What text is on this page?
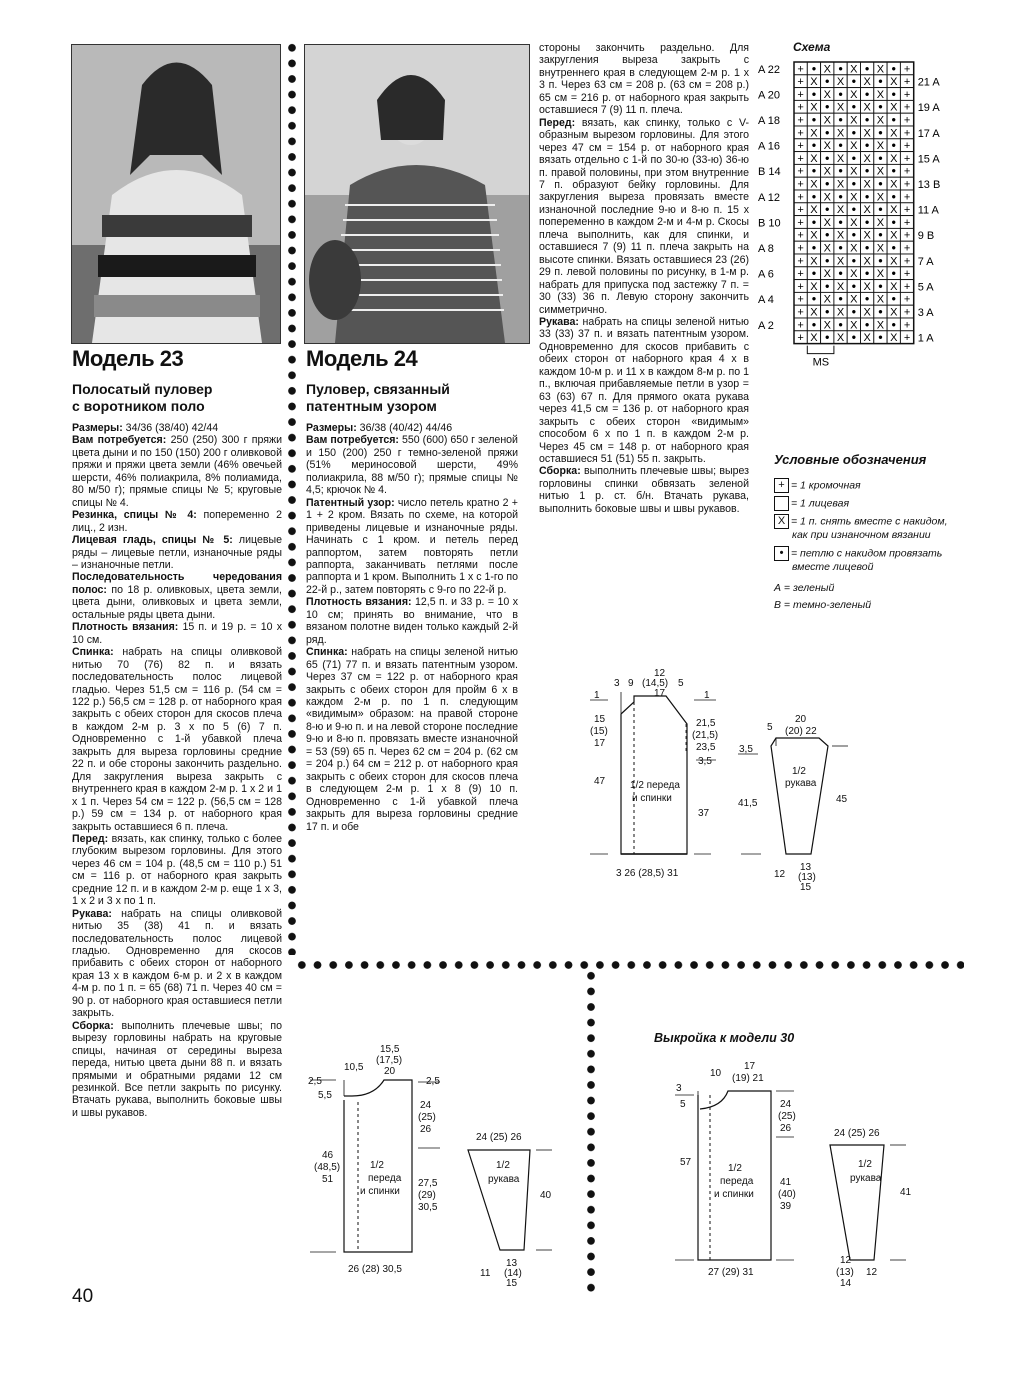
Модель 23
Полосатый пуловер
с воротником поло

Размеры: 34/36 (38/40) 42/44

Вам потребуется: 250 (250) 300 г пряжи цвета дыни и по 150 (150) 200 г оливковой пряжи и пряжи цвета земли (46% овечьей шерсти, 46% полиакрила, 8% полиамида, 80 м/50 г); прямые спицы № 5; круговые спицы № 4.

Резинка, спицы № 4: попеременно 2 лиц., 2 изн.

Лицевая гладь, спицы № 5: лицевые ряды – лицевые петли, изнаночные ряды – изнаночные петли.

Последовательность чередования полос: по 18 р. оливковых, цвета земли, цвета дыни, оливковых и цвета земли, остальные ряды цвета дыни.

Плотность вязания: 15 п. и 19 р. = 10 х 10 см.

Спинка: набрать на спицы оливковой нитью 70 (76) 82 п. и вязать последовательность полос лицевой гладью. Через 51,5 см = 116 р. (54 см = 122 р.) 56,5 см = 128 р. от наборного края закрыть с обеих сторон для скосов плеча в каждом 2-м р. 3 х по 5 (6) 7 п. Одновременно с 1-й убавкой плеча закрыть для выреза горловины средние 22 п. и обе стороны закончить раздельно. Для закругления выреза закрыть с внутреннего края в каждом 2-м р. 1 х 2 и 1 х 1 п. Через 54 см = 122 р. (56,5 см = 128 р.) 59 см = 134 р. от наборного края закрыть оставшиеся 6 п. плеча.

Перед: вязать, как спинку, только с более глубоким вырезом горловины. Для этого через 46 см = 104 р. (48,5 см = 110 р.) 51 см = 116 р. от наборного края закрыть средние 12 п. и в каждом 2-м р. еще 1 х 3, 1 х 2 и 3 х по 1 п.

Рукава: набрать на спицы оливковой нитью 35 (38) 41 п. и вязать последовательность полос лицевой гладью. Одновременно для скосов прибавить с обеих сторон от наборного края 13 х в каждом 6-м р. и 2 х в каждом 4-м р. по 1 п. = 65 (68) 71 п. Через 40 см = 90 р. от наборного края оставшиеся петли закрыть.

Сборка: выполнить плечевые швы; по вырезу горловины набрать на круговые спицы, начиная от середины выреза переда, нитью цвета дыни 88 п. и вязать прямыми и обратными рядами 12 см резинкой. Все петли закрыть по рисунку. Втачать рукава, выполнить боковые швы и швы рукавов.

Модель 24
Пуловер, связанный
патентным узором

Размеры: 36/38 (40/42) 44/46

Вам потребуется: 550 (600) 650 г зеленой и 150 (200) 250 г темно-зеленой пряжи (51% мериносовой шерсти, 49% полиакрила, 88 м/50 г); прямые спицы № 4,5; крючок № 4.

Патентный узор: число петель кратно 2 + 1 + 2 кром. Вязать по схеме, на которой приведены лицевые и изнаночные ряды. Начинать с 1 кром. и петель перед раппортом, затем повторять петли раппорта, заканчивать петлями после раппорта и 1 кром. Выполнить 1 х с 1-го по 22-й р., затем повторять с 9-го по 22-й р.

Плотность вязания: 12,5 п. и 33 р. = 10 х 10 см; принять во внимание, что в вязаном полотне виден только каждый 2-й ряд.

Спинка: набрать на спицы зеленой нитью 65 (71) 77 п. и вязать патентным узором. Через 37 см = 122 р. от наборного края закрыть с обеих сторон для пройм 6 х в каждом 2-м р. по 1 п. следующим «видимым» образом: на правой стороне 8-ю и 9-ю п. и на левой стороне последние 9-ю и 8-ю п. провязать вместе изнаночной = 53 (59) 65 п. Через 62 см = 204 р. (62 см = 204 р.) 64 см = 212 р. от наборного края закрыть с обеих сторон для скосов плеча в следующем 2-м р. 1 х 8 (9) 10 п. Одновременно с 1-й убавкой плеча закрыть для выреза горловины средние 17 п. и обе

стороны закончить раздельно. Для закругления выреза закрыть с внутреннего края в следующем 2-м р. 1 х 3 п. Через 63 см = 208 р. (63 см = 208 р.) 65 см = 216 р. от наборного края закрыть оставшиеся 7 (9) 11 п. плеча.

Перед: вязать, как спинку, только с V-образным вырезом горловины. Для этого через 47 см = 154 р. от наборного края вязать отдельно с 1-й по 30-ю (33-ю) 36-ю п. правой половины, при этом внутренние 7 п. образуют бейку горловины. Для закругления выреза провязать вместе изнаночной последние 9-ю и 8-ю п. 15 х попеременно в каждом 2-м и 4-м р. Скосы плеча выполнить, как для спинки, и оставшиеся 7 (9) 11 п. плеча закрыть на высоте спинки. Вязать оставшиеся 23 (26) 29 п. левой половины по рисунку, в 1-м р. набрать для припуска под застежку 7 п. = 30 (33) 36 п. Левую сторону закончить симметрично.

Рукава: набрать на спицы зеленой нитью 33 (33) 37 п. и вязать патентным узором. Одновременно для скосов прибавить с обеих сторон от наборного края 4 х в каждом 10-м р. и 11 х в каждом 8-м р. по 1 п., включая прибавляемые петли в узор = 63 (63) 67 п. Для прямого оката рукава через 41,5 см = 136 р. от наборного края закрыть с обеих сторон «видимым» способом 6 х по 1 п. в каждом 2-м р. Через 45 см = 148 р. от наборного края оставшиеся 51 (51) 55 п. закрыть.

Сборка: выполнить плечевые швы; вырез горловины спинки обвязать зеленой нитью 1 р. ст. б/н. Втачать рукава, выполнить боковые швы и швы рукавов.

Схема
+ • X • X • X • +
+ X • X • X • X +
+ • X • X • X • +
+ X • X • X • X +
+ • X • X • X • +
+ X • X • X • X +
+ • X • X • X • +
+ X • X • X • X +
+ • X • X • X • +
+ X • X • X • X +
+ • X • X • X • +
+ X • X • X • X +
+ • X • X • X • +
+ X • X • X • X +
+ • X • X • X • +
+ X • X • X • X +
+ • X • X • X • +
+ X • X • X • X +
+ • X • X • X • +
+ X • X • X • X +
+ • X • X • X • +
+ X • X • X • X +
A 22
A 20
A 18
A 16
B 14
A 12
B 10
A 8
A 6
A 4
A 2
21 A
19 A
17 A
15 A
13 B
11 A
9 B
7 A
5 A
3 A
1 A
MS
Условные обозначения
+ = 1 кромочная
= 1 лицевая
X = 1 п. снять вместе с накидом,
как при изнаночном вязании
• = петлю с накидом провязать
вместе лицевой
А = зеленый
В = темно-зеленый
3 9
12
(14,5)
17
5
1
15
(15)
17
47 1/2 переда
и спинки
1
21,5
(21,5)
23,5
3,5
37
3 26 (28,5) 31
5
20
(20) 22
3,5
41,5	45
1/2
рукава
12
13
(13)
15
15,5
(17,5)
10,5 20
2,5
5,5
2,5
24
(25)
26
46
(48,5)
51
1/2
переда
и спинки
27,5
(29)
30,5
26 (28) 30,5
24 (25) 26
40
1/2
рукава
11
13
(14)
15
Выкройка к модели 30
10
17
(19) 21
3
5	24
(25)
26
57
1/2
переда
и спинки
41
(40)
39
27 (29) 31
24 (25) 26
41
1/2
рукава
12
(13)
14
12
40
